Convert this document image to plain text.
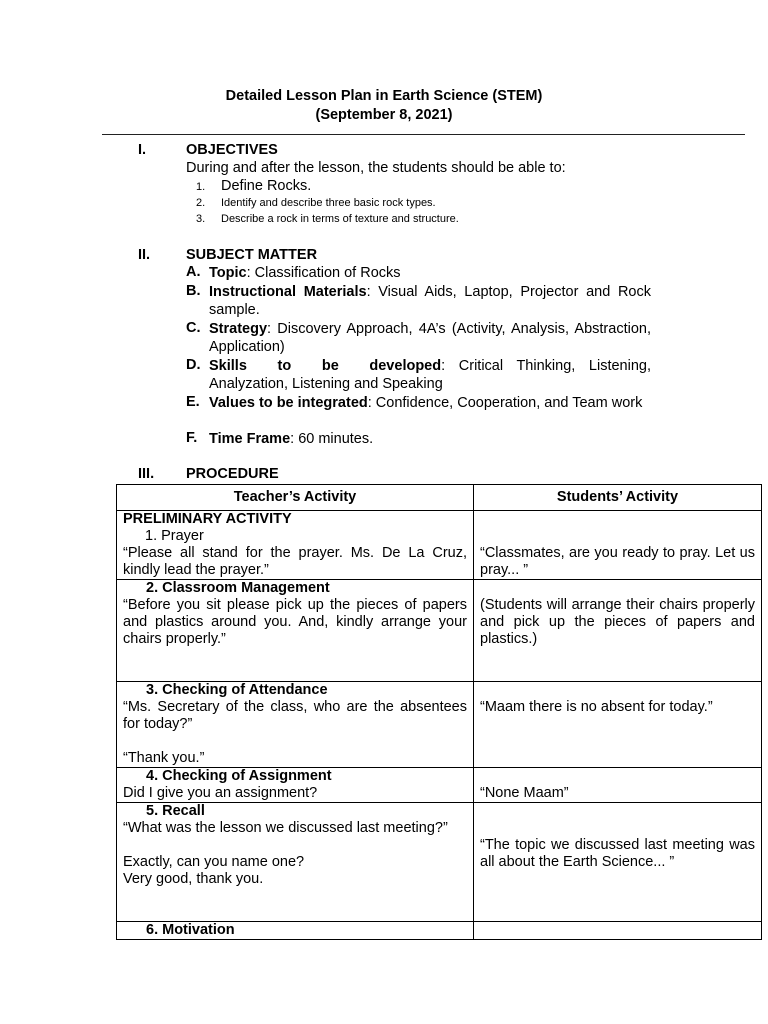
Detailed Lesson Plan in Earth Science (STEM)
(September 8, 2021)
I.	OBJECTIVES
During and after the lesson, the students should be able to:
1. Define Rocks.
2. Identify and describe three basic rock types.
3. Describe a rock in terms of texture and structure.
II. SUBJECT MATTER
A. Topic: Classification of Rocks
B. Instructional Materials: Visual Aids, Laptop, Projector and Rock sample.
C. Strategy: Discovery Approach, 4A’s (Activity, Analysis, Abstraction, Application)
D. Skills to be developed: Critical Thinking, Listening, Analyzation, Listening and Speaking
E. Values to be integrated: Confidence, Cooperation, and Team work
F. Time Frame: 60 minutes.
III. PROCEDURE
Teacher’s Activity	Students’ Activity

PRELIMINARY ACTIVITY
1. Prayer
“Please all stand for the prayer. Ms. De La Cruz, kindly lead the prayer.”	“Classmates, are you ready to pray. Let us pray... ”

2. Classroom Management
“Before you sit please pick up the pieces of papers and plastics around you. And, kindly arrange your chairs properly.”	(Students will arrange their chairs properly and pick up the pieces of papers and plastics.)

3. Checking of Attendance
“Ms. Secretary of the class, who are the absentees for today?”
“Thank you.”	“Maam there is no absent for today.”

4. Checking of Assignment
Did I give you an assignment?	“None Maam”

5. Recall
“What was the lesson we discussed last meeting?”
Exactly, can you name one?
Very good, thank you.	“The topic we discussed last meeting was all about the Earth Science... ”

6. Motivation	
